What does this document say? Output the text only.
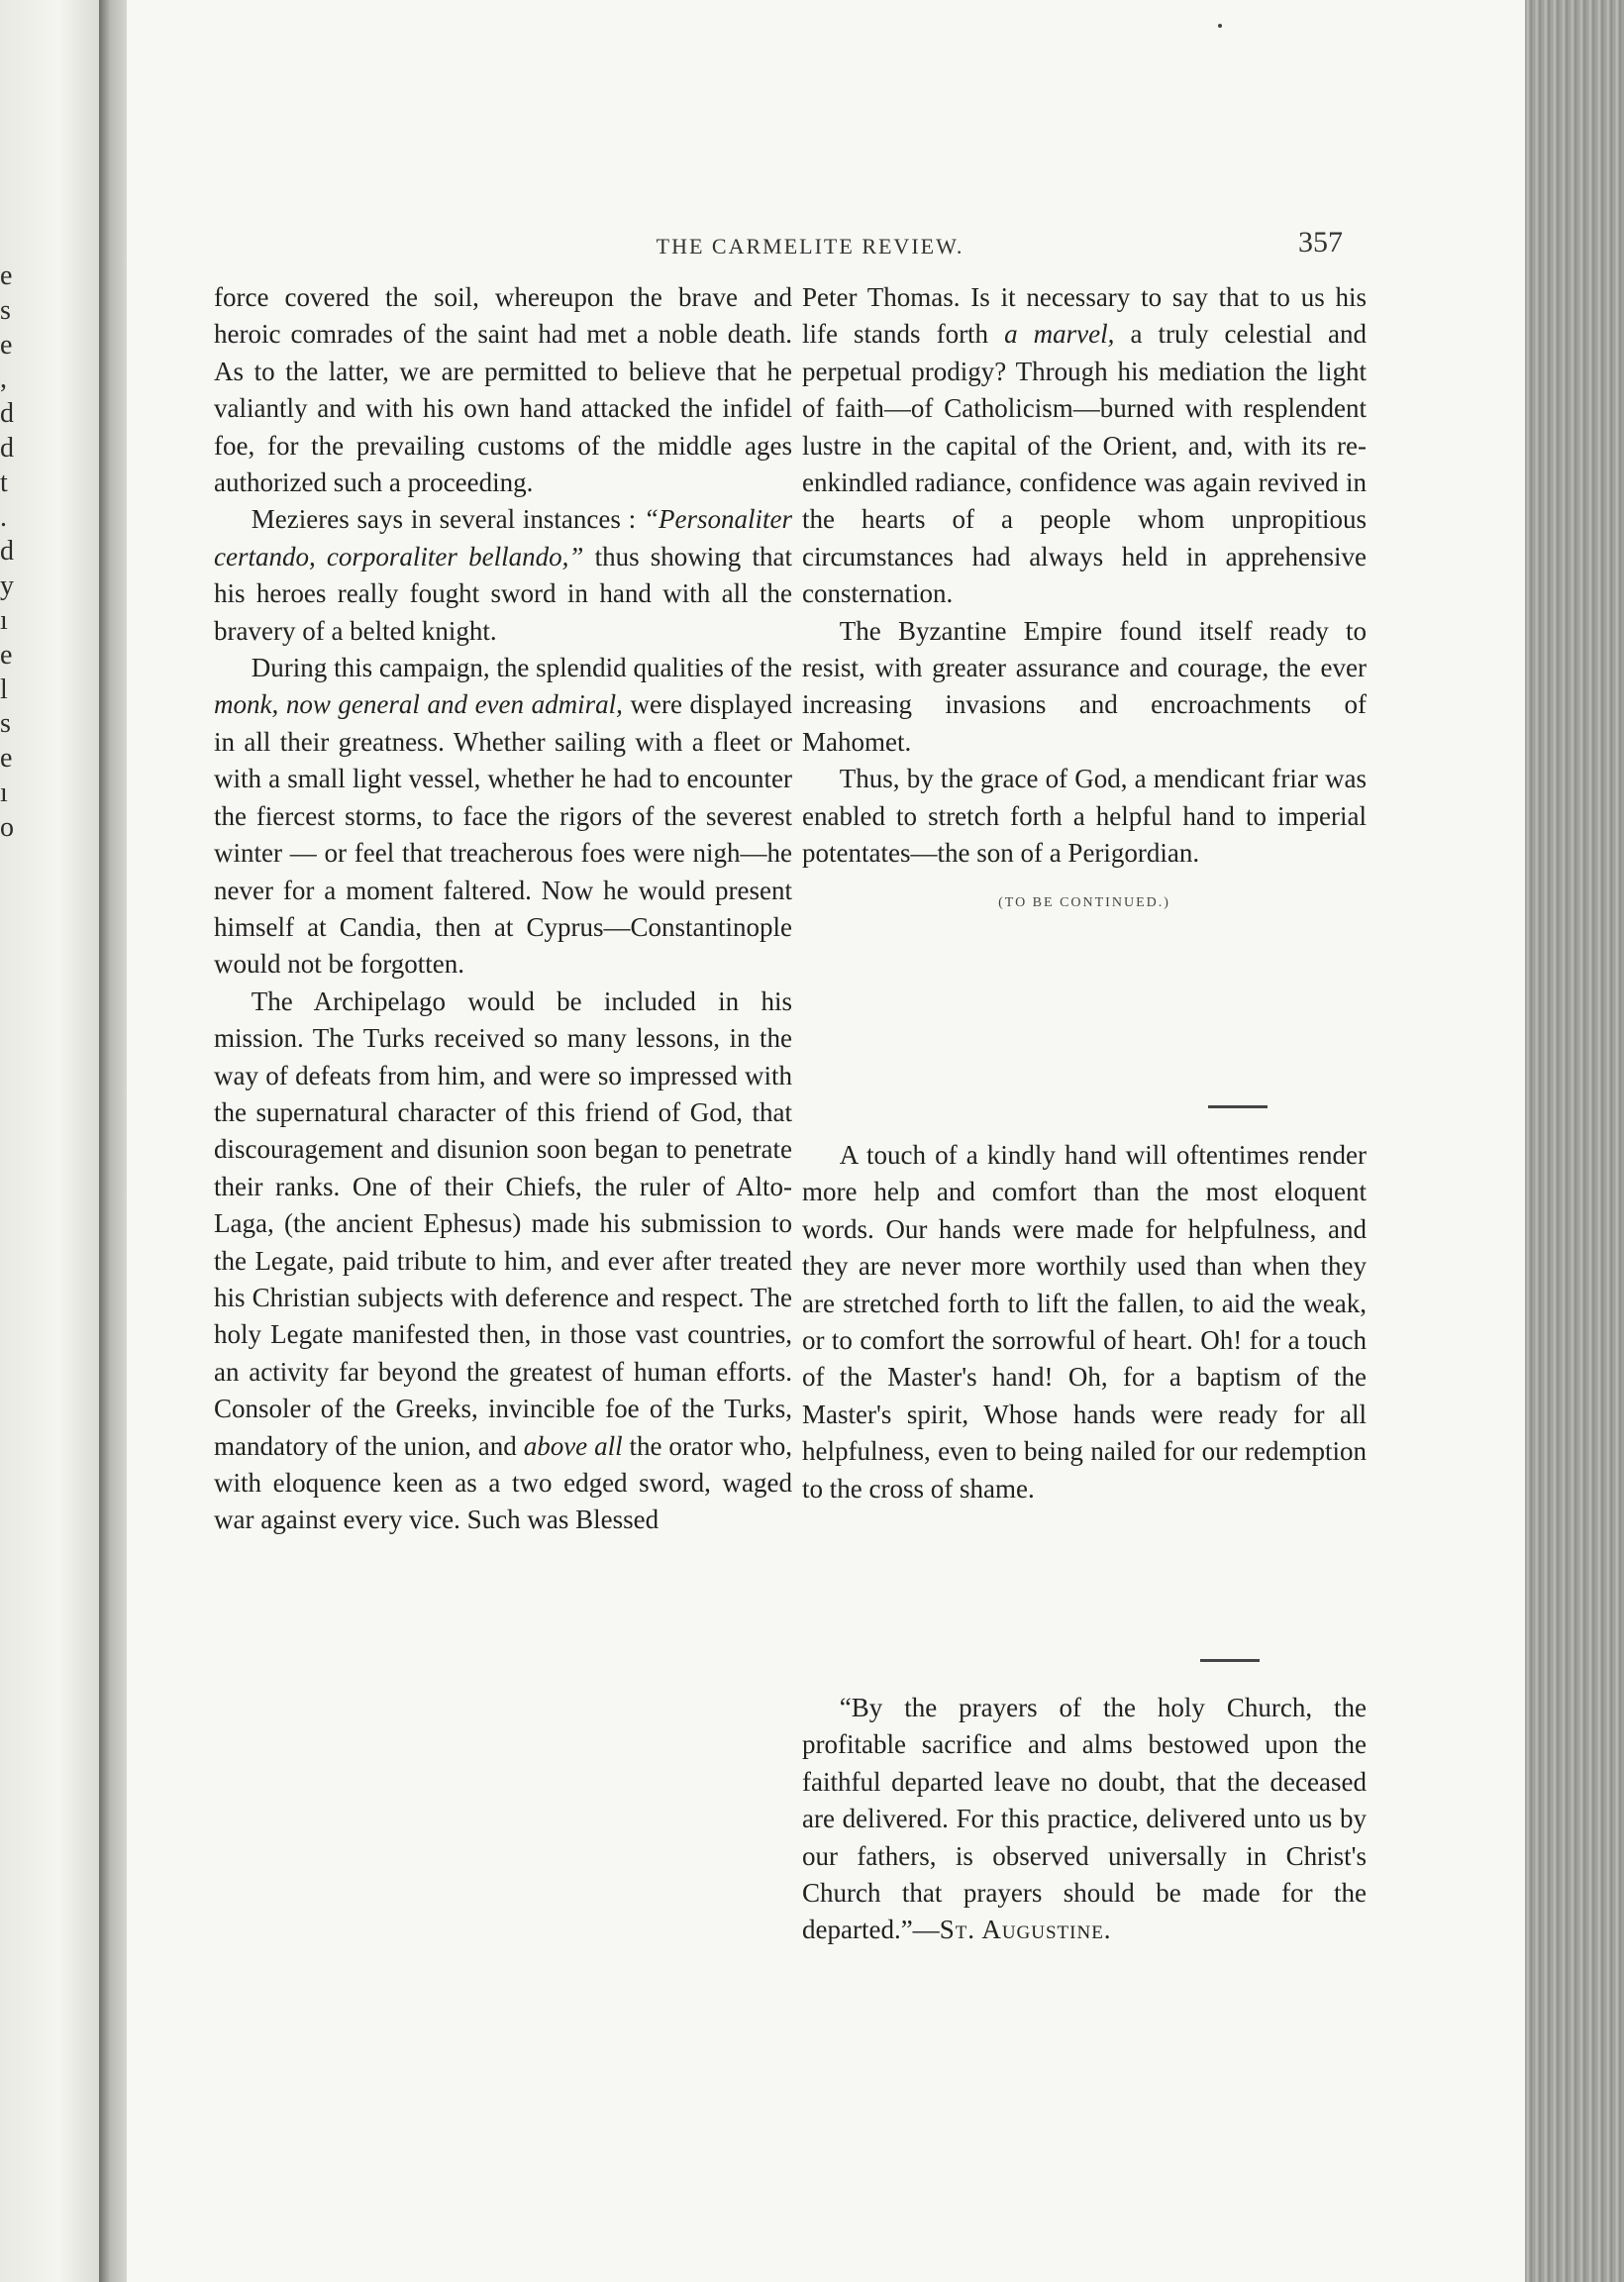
e
s
e
,
d
d
t
.
d
y
ı
e
l
s
e
ı
o
THE CARMELITE REVIEW.	357

force covered the soil, whereupon the brave and heroic comrades of the saint had met a noble death. As to the latter, we are permitted to believe that he valiantly and with his own hand attacked the infidel foe, for the prevailing customs of the middle ages authorized such a proceeding.

Mezieres says in several instances : “Personaliter certando, corporaliter bellando,” thus showing that his heroes really fought sword in hand with all the bravery of a belted knight.

During this campaign, the splendid qualities of the monk, now general and even admiral, were displayed in all their greatness. Whether sailing with a fleet or with a small light vessel, whether he had to encounter the fiercest storms, to face the rigors of the severest winter — or feel that treacherous foes were nigh—he never for a moment faltered. Now he would present himself at Candia, then at Cyprus—Constantinople would not be forgotten.

The Archipelago would be included in his mission. The Turks received so many lessons, in the way of defeats from him, and were so impressed with the supernatural character of this friend of God, that discouragement and disunion soon began to penetrate their ranks. One of their Chiefs, the ruler of Alto-Laga, (the ancient Ephesus) made his submission to the Legate, paid tribute to him, and ever after treated his Christian subjects with deference and respect. The holy Legate manifested then, in those vast countries, an activity far beyond the greatest of human efforts. Consoler of the Greeks, invincible foe of the Turks, mandatory of the union, and above all the orator who, with eloquence keen as a two edged sword, waged war against every vice. Such was Blessed

Peter Thomas. Is it necessary to say that to us his life stands forth a marvel, a truly celestial and perpetual prodigy? Through his mediation the light of faith—of Catholicism—burned with resplendent lustre in the capital of the Orient, and, with its re-enkindled radiance, confidence was again revived in the hearts of a people whom unpropitious circumstances had always held in apprehensive consternation.

The Byzantine Empire found itself ready to resist, with greater assurance and courage, the ever increasing invasions and encroachments of Mahomet.

Thus, by the grace of God, a mendicant friar was enabled to stretch forth a helpful hand to imperial potentates—the son of a Perigordian.

(TO BE CONTINUED.)

A touch of a kindly hand will oftentimes render more help and comfort than the most eloquent words. Our hands were made for helpfulness, and they are never more worthily used than when they are stretched forth to lift the fallen, to aid the weak, or to comfort the sorrowful of heart. Oh! for a touch of the Master's hand! Oh, for a baptism of the Master's spirit, Whose hands were ready for all helpfulness, even to being nailed for our redemption to the cross of shame.

“By the prayers of the holy Church, the profitable sacrifice and alms bestowed upon the faithful departed leave no doubt, that the deceased are delivered. For this practice, delivered unto us by our fathers, is observed universally in Christ's Church that prayers should be made for the departed.”—St. Augustine.
